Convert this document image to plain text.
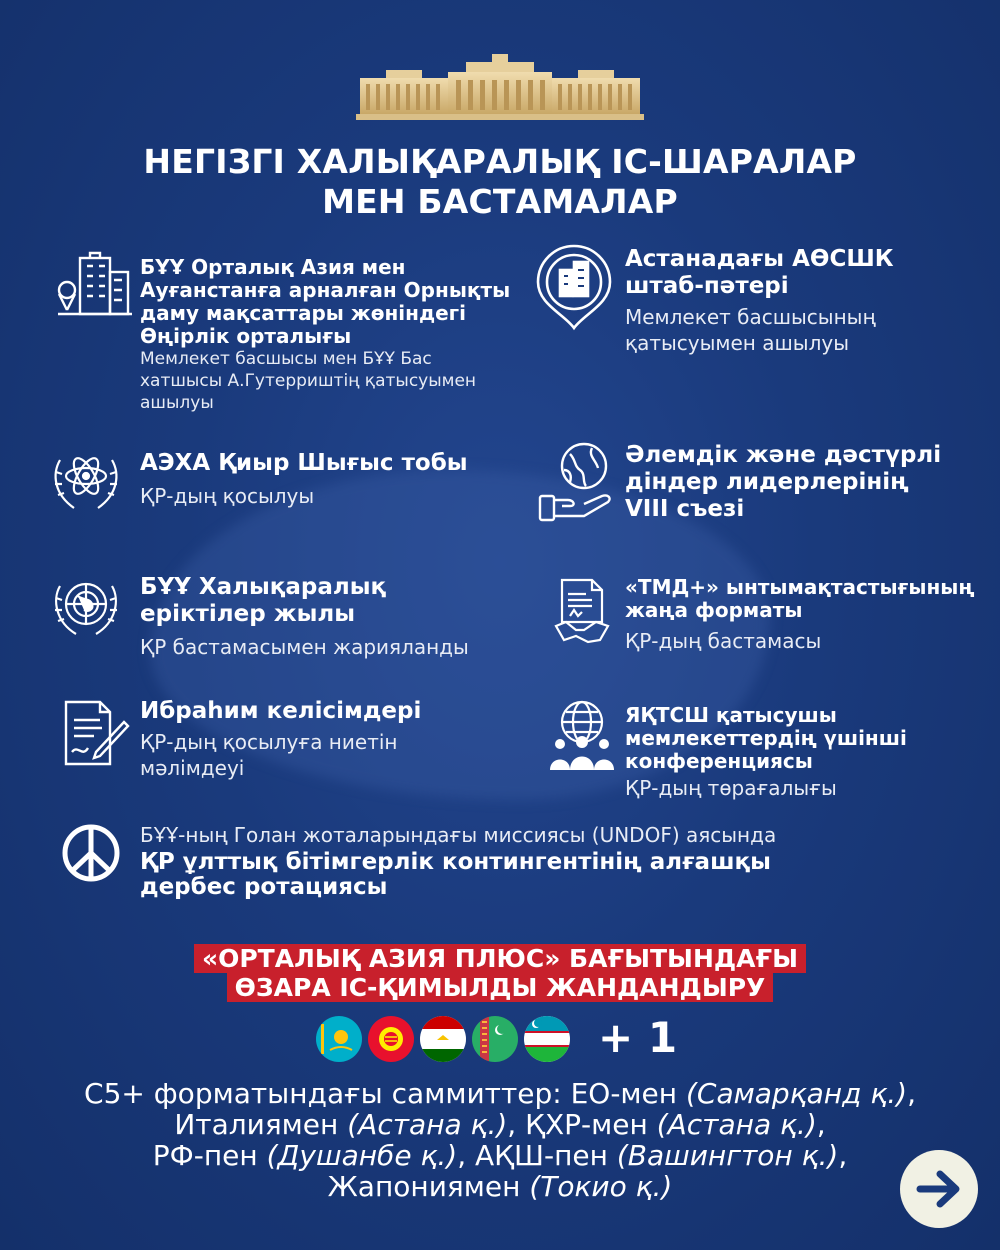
НЕГІЗГІ ХАЛЫҚАРАЛЫҚ ІС-ШАРАЛАР
МЕН БАСТАМАЛАР
БҰҰ Орталық Азия мен
Ауғанстанға арналған Орнықты
даму мақсаттары жөніндегі
Өңірлік орталығы
Мемлекет басшысы мен БҰҰ Бас
хатшысы А.Гутерриштің қатысуымен
ашылуы
Астанадағы АӨСШК
штаб-пәтері
Мемлекет басшысының
қатысуымен ашылуы
АЭХА Қиыр Шығыс тобы
ҚР-дың қосылуы
Әлемдік және дәстүрлі
діндер лидерлерінің
VIII съезі
БҰҰ Халықаралық
еріктілер жылы
ҚР бастамасымен жарияланды
«ТМД+» ынтымақтастығының
жаңа форматы
ҚР-дың бастамасы
Ибраһим келісімдері
ҚР-дың қосылуға ниетін
мәлімдеуі
ЯҚТСШ қатысушы
мемлекеттердің үшінші
конференциясы
ҚР-дың төрағалығы
БҰҰ-ның Голан жоталарындағы миссиясы (UNDOF) аясында
ҚР ұлттық бітімгерлік контингентінің алғашқы
дербес ротациясы
«ОРТАЛЫҚ АЗИЯ ПЛЮС» БАҒЫТЫНДАҒЫ
ӨЗАРА ІС-ҚИМЫЛДЫ ЖАНДАНДЫРУ
+ 1
С5+ форматындағы саммиттер: ЕО-мен (Самарқанд қ.),
Италиямен (Астана қ.), ҚХР-мен (Астана қ.),
РФ-пен (Душанбе қ.), АҚШ-пен (Вашингтон қ.),
Жапониямен (Токио қ.)
